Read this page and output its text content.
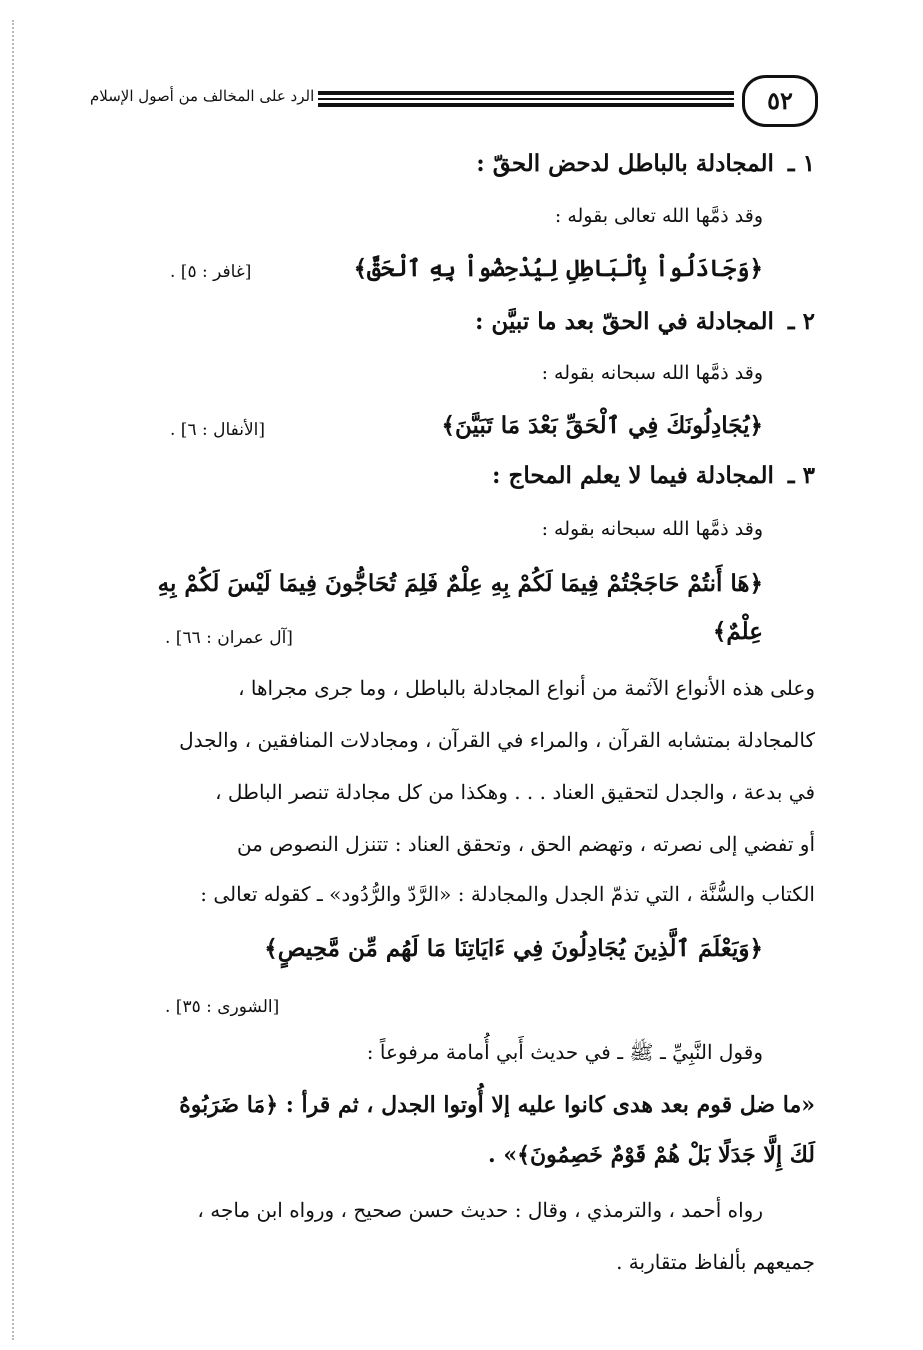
٥٢
الرد على المخالف من أصول الإسلام
١ ـالمجادلة بالباطل لدحض الحقّ :
وقد ذمَّها الله تعالى بقوله :
﴿وَجَادَلُواْ بِٱلْبَاطِلِ لِيُدْحِضُواْ بِهِ ٱلْحَقَّ﴾
[غافر : ٥] .
٢ ـالمجادلة في الحقّ بعد ما تبيَّن :
وقد ذمَّها الله سبحانه بقوله :
﴿يُجَادِلُونَكَ فِي ٱلْحَقِّ بَعْدَ مَا تَبَيَّنَ﴾
[الأنفال : ٦] .
٣ ـالمجادلة فيما لا يعلم المحاج :
وقد ذمَّها الله سبحانه بقوله :
﴿هَا أَنتُمْ حَاجَجْتُمْ فِيمَا لَكُمْ بِهِ عِلْمٌ فَلِمَ تُحَاجُّونَ فِيمَا لَيْسَ لَكُمْ بِهِ
عِلْمٌ﴾
[آل عمران : ٦٦] .
وعلى هذه الأنواع الآثمة من أنواع المجادلة بالباطل ، وما جرى مجراها ،
كالمجادلة بمتشابه القرآن ، والمراء في القرآن ، ومجادلات المنافقين ، والجدل
في بدعة ، والجدل لتحقيق العناد . . . وهكذا من كل مجادلة تنصر الباطل ،
أو تفضي إلى نصرته ، وتهضم الحق ، وتحقق العناد : تتنزل النصوص من
الكتاب والسُّنَّة ، التي تذمّ الجدل والمجادلة : «الرَّدّ والرُّدُود» ـ كقوله تعالى :
﴿وَيَعْلَمَ ٱلَّذِينَ يُجَادِلُونَ فِي ءَايَاتِنَا مَا لَهُم مِّن مَّحِيصٍ﴾
[الشورى : ٣٥] .
وقول النَّبِيِّ ـ ﷺ ـ في حديث أَبي أُمامة مرفوعاً :
«ما ضل قوم بعد هدى كانوا عليه إلا أُوتوا الجدل ، ثم قرأ : ﴿مَا ضَرَبُوهُ
لَكَ إِلَّا جَدَلًا بَلْ هُمْ قَوْمٌ خَصِمُونَ﴾» .
رواه أحمد ، والترمذي ، وقال : حديث حسن صحيح ، ورواه ابن ماجه ،
جميعهم بألفاظ متقاربة .
